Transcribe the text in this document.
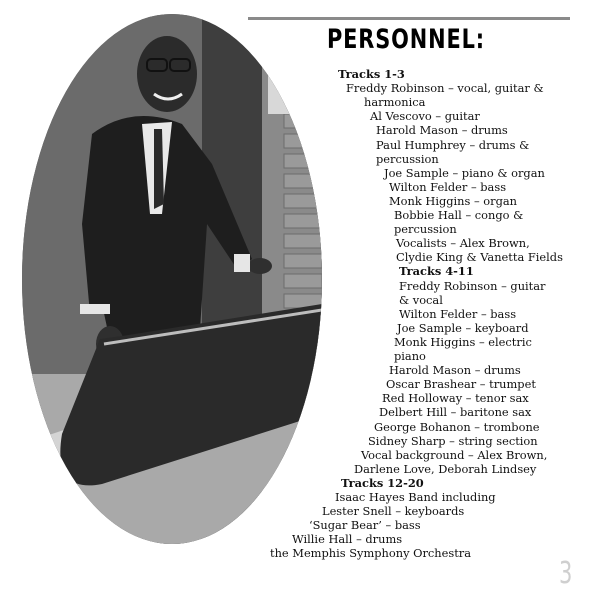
PERSONNEL:
Tracks 1-3
Freddy Robinson – vocal, guitar &
harmonica
Al Vescovo – guitar
Harold Mason – drums
Paul Humphrey – drums &
percussion
Joe Sample – piano & organ
Wilton Felder – bass
Monk Higgins – organ
Bobbie Hall – congo &
percussion
Vocalists – Alex Brown,
Clydie King & Vanetta Fields
Tracks 4-11
Freddy Robinson – guitar
& vocal
Wilton Felder – bass
Joe Sample – keyboard
Monk Higgins – electric
piano
Harold Mason – drums
Oscar Brashear – trumpet
Red Holloway – tenor sax
Delbert Hill – baritone sax
George Bohanon – trombone
Sidney Sharp – string section
Vocal background – Alex Brown,
Darlene Love, Deborah Lindsey
Tracks 12-20
Isaac Hayes Band including
Lester Snell – keyboards
‘Sugar Bear’ – bass
Willie Hall – drums
the Memphis Symphony Orchestra
3
